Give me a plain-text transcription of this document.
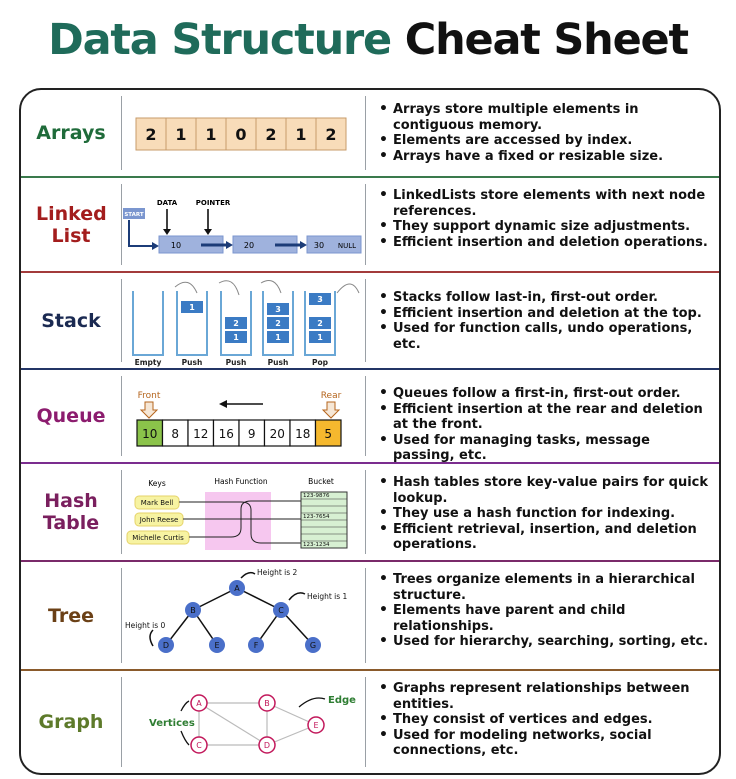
Data Structure Cheat Sheet
Arrays	2 1 1 0 2 1 2
• Arrays store multiple elements in contiguous memory.
• Elements are accessed by index.
• Arrays have a fixed or resizable size.
Linked List
START
DATA	POINTER
10	20	30 NULL
• LinkedLists store elements with next node references.
• They support dynamic size adjustments.
• Efficient insertion and deletion operations.
Stack
1
2
1
3
2
1
3
2
1
Empty	Push	Push	Push	Pop
• Stacks follow last-in, first-out order.
• Efficient insertion and deletion at the top.
• Used for function calls, undo operations, etc.
Queue
Front	Rear
10 8 12 16 9 20 18 5
• Queues follow a first-in, first-out order.
• Efficient insertion at the rear and deletion at the front.
• Used for managing tasks, message passing, etc.
Hash Table
Keys	Hash Function	Bucket
Mark Bell
John Reese
Michelle Curtis
123-9876
123-7654
123-1234
• Hash tables store key-value pairs for quick lookup.
• They use a hash function for indexing.
• Efficient retrieval, insertion, and deletion operations.
Tree
A
B	C
D	E	F	G
Height is 2
Height is 1
Height is 0
• Trees organize elements in a hierarchical structure.
• Elements have parent and child relationships.
• Used for hierarchy, searching, sorting, etc.
Graph
A	B
C	D
E
Vertices
Edge
• Graphs represent relationships between entities.
• They consist of vertices and edges.
• Used for modeling networks, social connections, etc.
